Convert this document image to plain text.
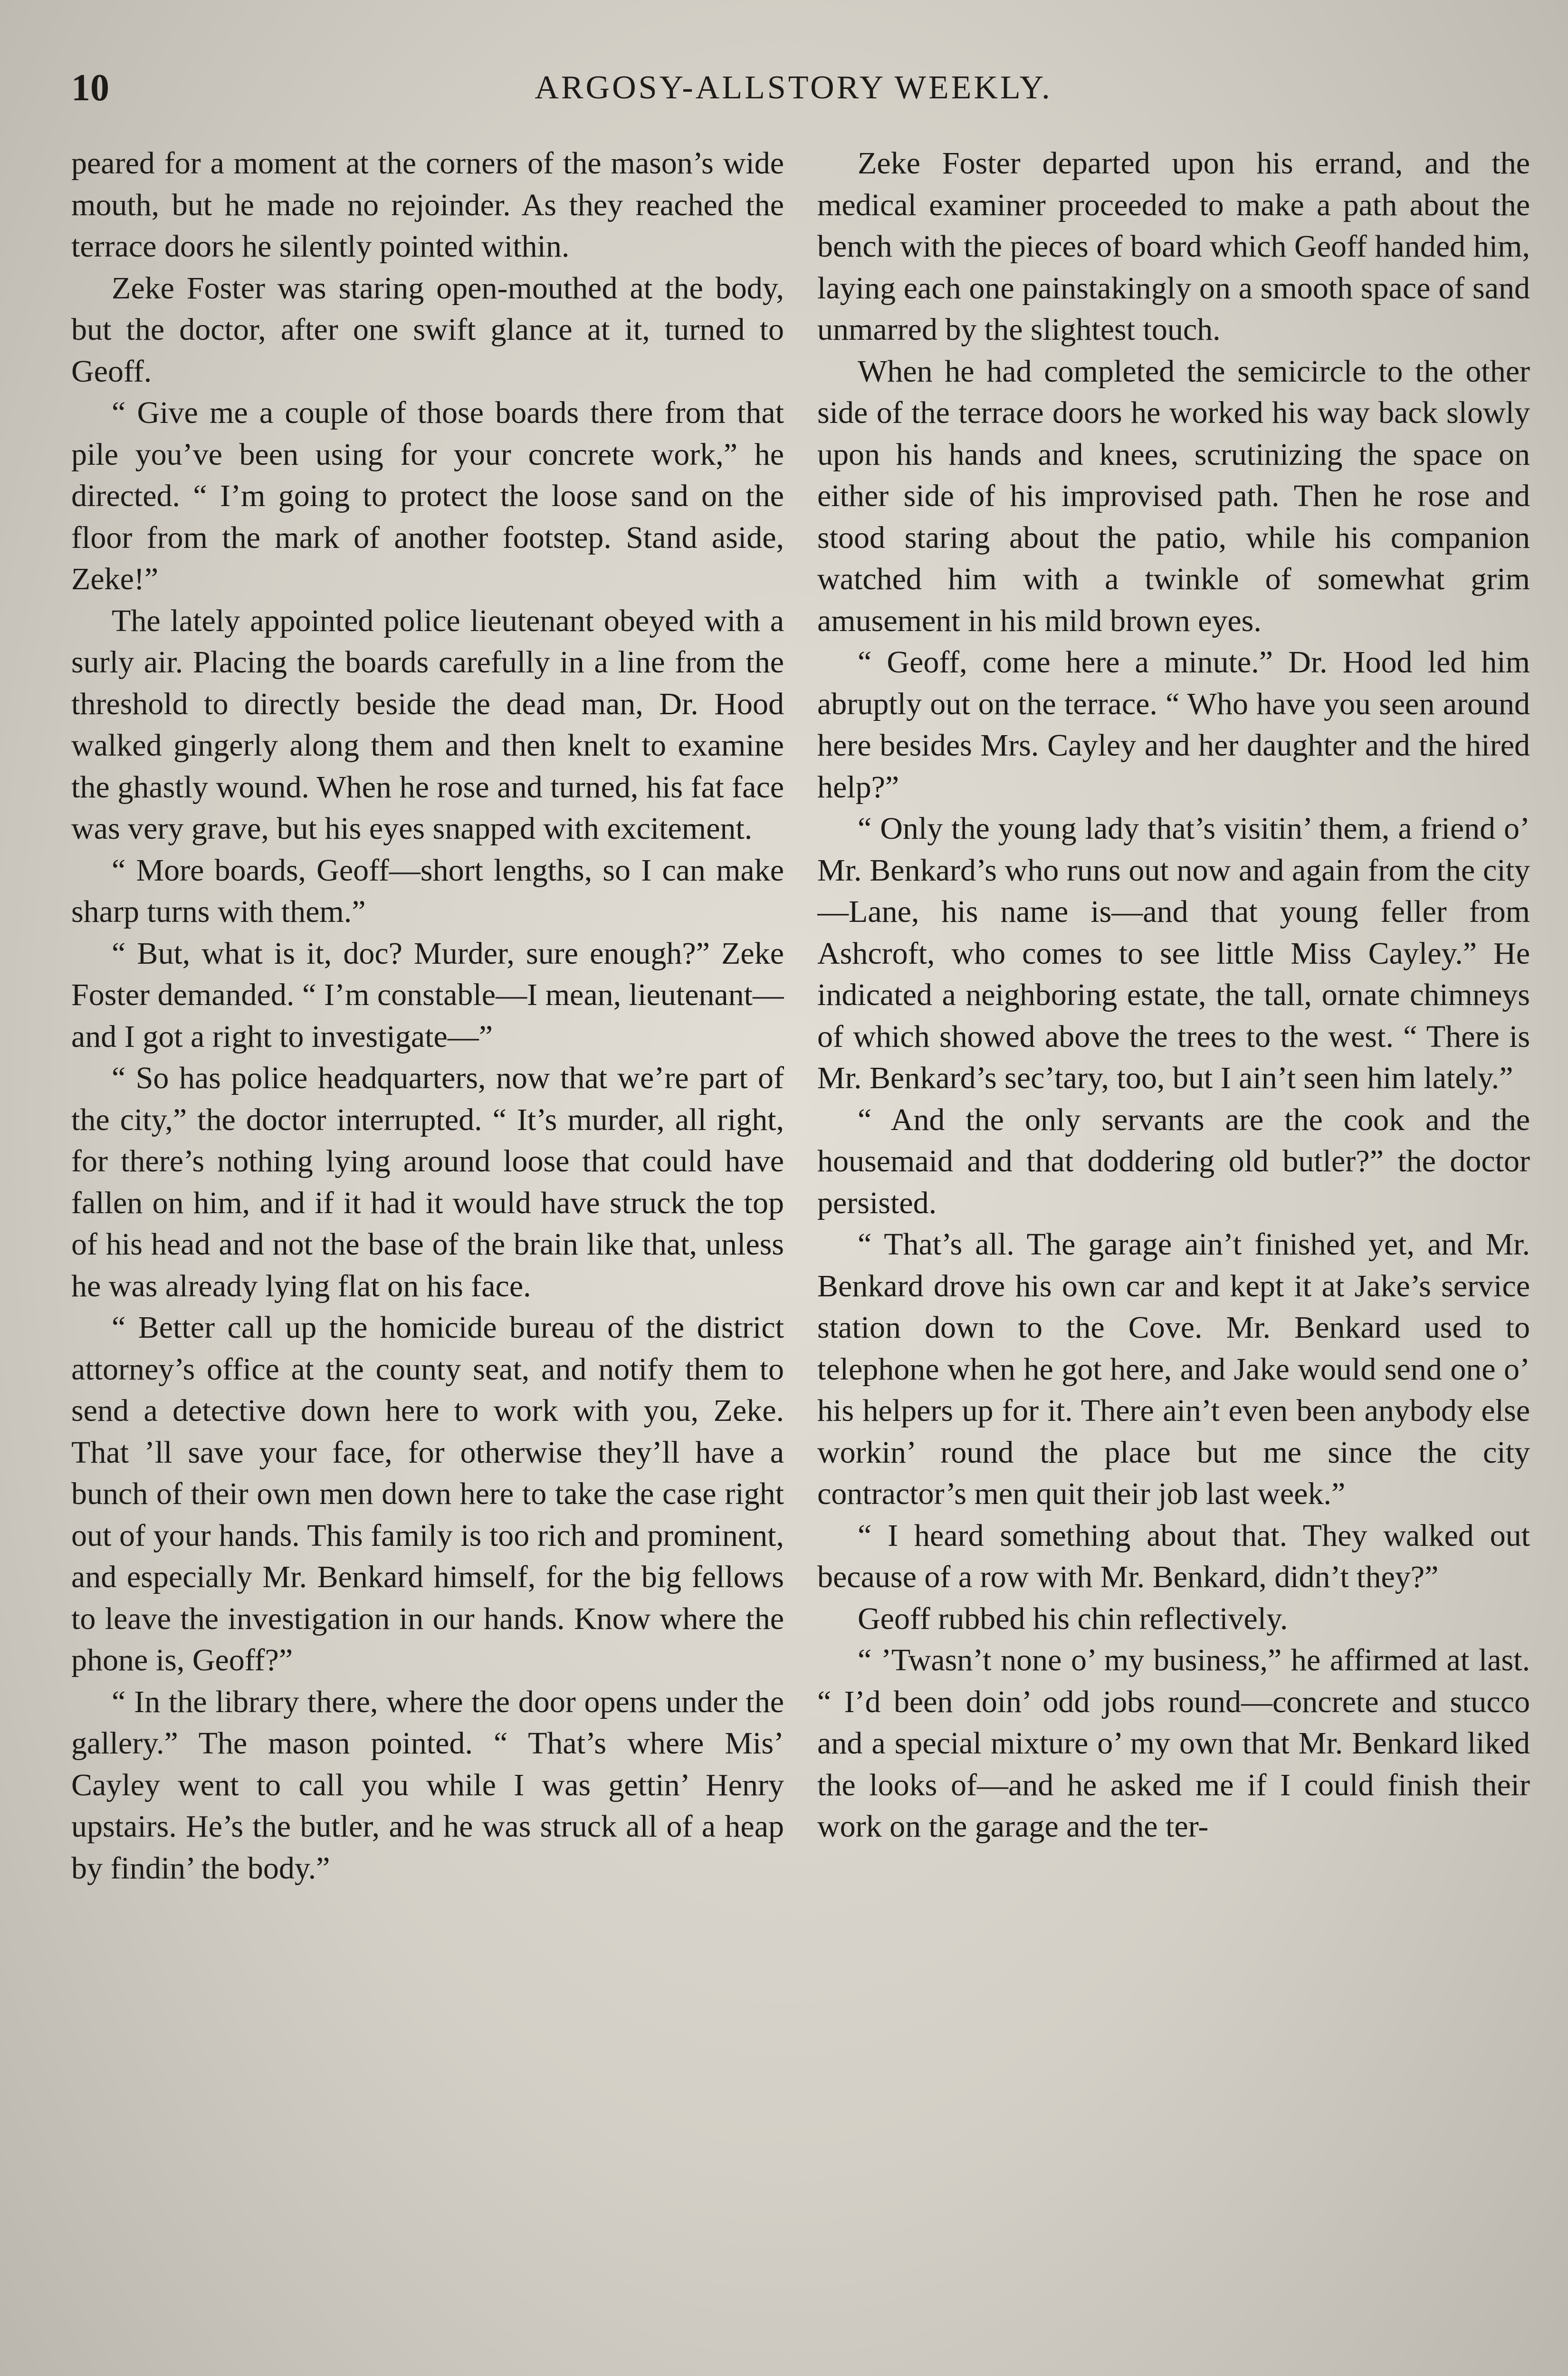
10	ARGOSY-ALLSTORY WEEKLY.

peared for a moment at the corners of the mason’s wide mouth, but he made no rejoinder. As they reached the terrace doors he silently pointed within.

Zeke Foster was staring open-mouthed at the body, but the doctor, after one swift glance at it, turned to Geoff.

“ Give me a couple of those boards there from that pile you’ve been using for your concrete work,” he directed. “ I’m going to protect the loose sand on the floor from the mark of another footstep. Stand aside, Zeke!”

The lately appointed police lieutenant obeyed with a surly air. Placing the boards carefully in a line from the threshold to directly beside the dead man, Dr. Hood walked gingerly along them and then knelt to examine the ghastly wound. When he rose and turned, his fat face was very grave, but his eyes snapped with excitement.

“ More boards, Geoff—short lengths, so I can make sharp turns with them.”

“ But, what is it, doc? Murder, sure enough?” Zeke Foster demanded. “ I’m constable—I mean, lieutenant—and I got a right to investigate—”

“ So has police headquarters, now that we’re part of the city,” the doctor interrupted. “ It’s murder, all right, for there’s nothing lying around loose that could have fallen on him, and if it had it would have struck the top of his head and not the base of the brain like that, unless he was already lying flat on his face.

“ Better call up the homicide bureau of the district attorney’s office at the county seat, and notify them to send a detective down here to work with you, Zeke. That ’ll save your face, for otherwise they’ll have a bunch of their own men down here to take the case right out of your hands. This family is too rich and prominent, and especially Mr. Benkard himself, for the big fellows to leave the investigation in our hands. Know where the phone is, Geoff?”

“ In the library there, where the door opens under the gallery.” The mason pointed. “ That’s where Mis’ Cayley went to call you while I was gettin’ Henry upstairs. He’s the butler, and he was struck all of a heap by findin’ the body.”

Zeke Foster departed upon his errand, and the medical examiner proceeded to make a path about the bench with the pieces of board which Geoff handed him, laying each one painstakingly on a smooth space of sand unmarred by the slightest touch.

When he had completed the semicircle to the other side of the terrace doors he worked his way back slowly upon his hands and knees, scrutinizing the space on either side of his improvised path. Then he rose and stood staring about the patio, while his companion watched him with a twinkle of somewhat grim amusement in his mild brown eyes.

“ Geoff, come here a minute.” Dr. Hood led him abruptly out on the terrace. “ Who have you seen around here besides Mrs. Cayley and her daughter and the hired help?”

“ Only the young lady that’s visitin’ them, a friend o’ Mr. Benkard’s who runs out now and again from the city—Lane, his name is—and that young feller from Ashcroft, who comes to see little Miss Cayley.” He indicated a neighboring estate, the tall, ornate chimneys of which showed above the trees to the west. “ There is Mr. Benkard’s sec’tary, too, but I ain’t seen him lately.”

“ And the only servants are the cook and the housemaid and that doddering old butler?” the doctor persisted.

“ That’s all. The garage ain’t finished yet, and Mr. Benkard drove his own car and kept it at Jake’s service station down to the Cove. Mr. Benkard used to telephone when he got here, and Jake would send one o’ his helpers up for it. There ain’t even been anybody else workin’ round the place but me since the city contractor’s men quit their job last week.”

“ I heard something about that. They walked out because of a row with Mr. Benkard, didn’t they?”

Geoff rubbed his chin reflectively.

“ ’Twasn’t none o’ my business,” he affirmed at last. “ I’d been doin’ odd jobs round—concrete and stucco and a special mixture o’ my own that Mr. Benkard liked the looks of—and he asked me if I could finish their work on the garage and the ter-
